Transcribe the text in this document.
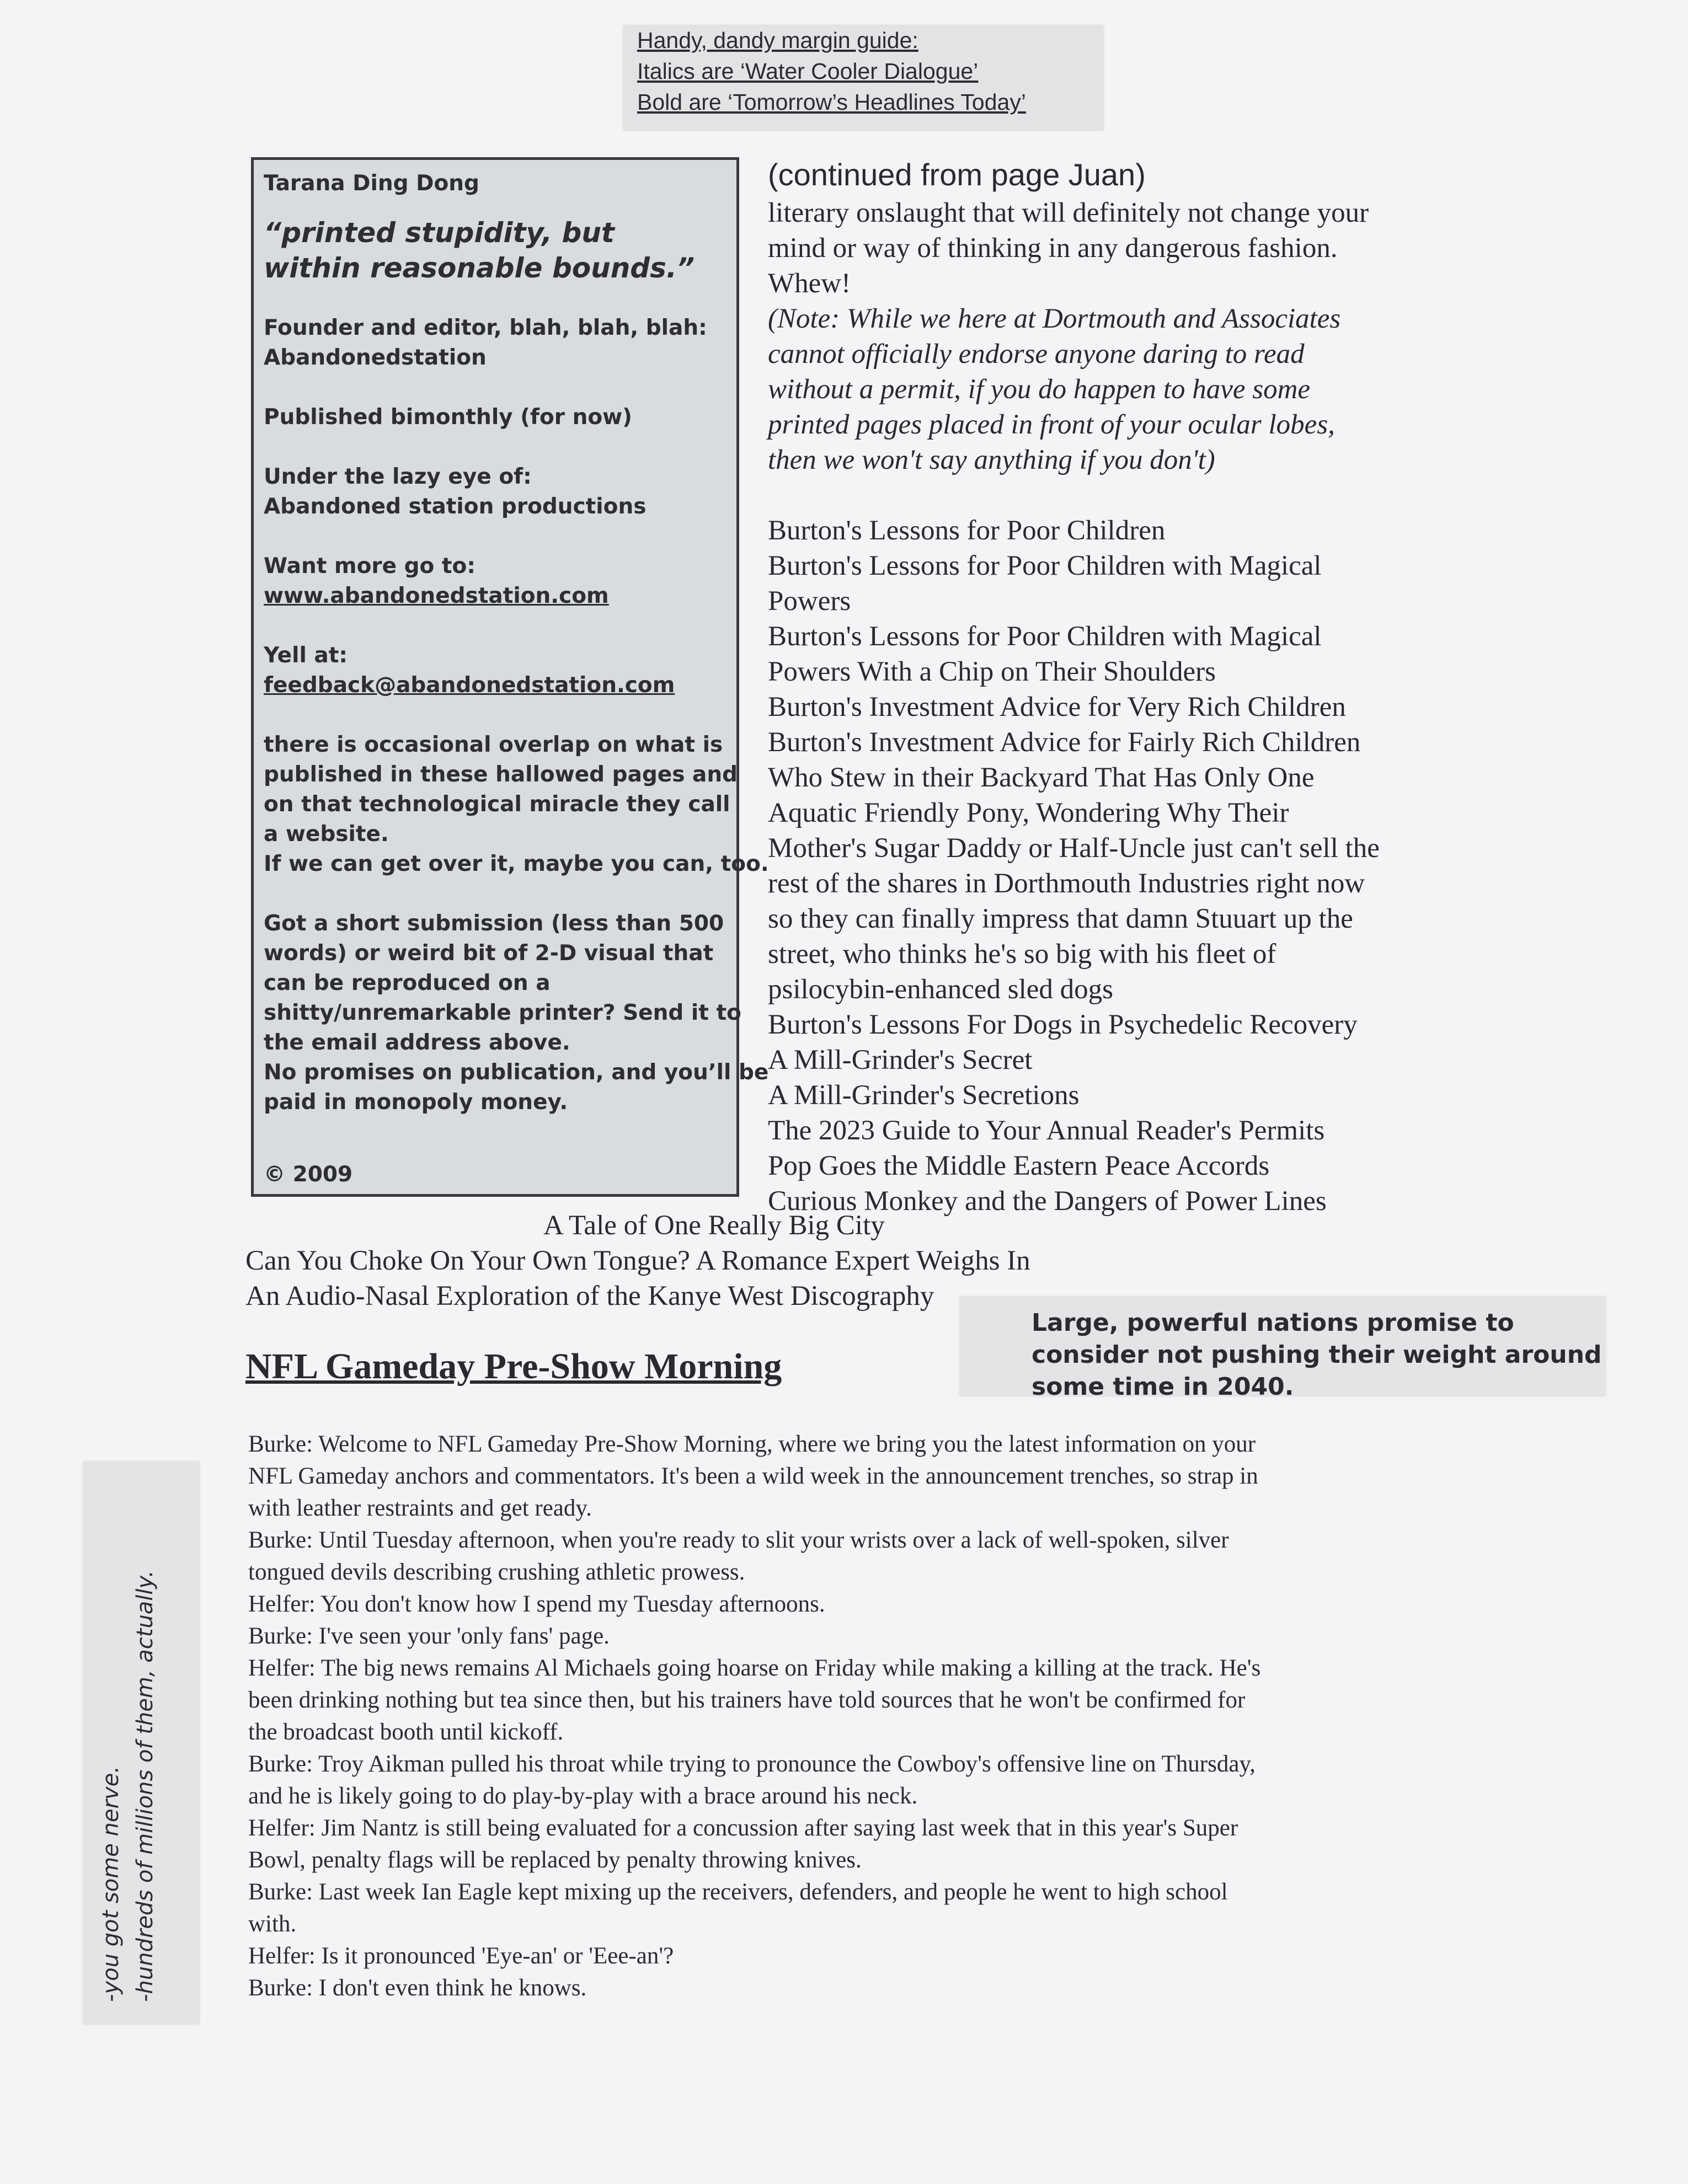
Handy, dandy margin guide:
Italics are ‘Water Cooler Dialogue’
Bold are ‘Tomorrow’s Headlines Today’
Tarana Ding Dong
“printed stupidity, but
within reasonable bounds.”
Founder and editor, blah, blah, blah:
Abandonedstation
Published bimonthly (for now)
Under the lazy eye of:
Abandoned station productions
Want more go to:
www.abandonedstation.com
Yell at:
feedback@abandonedstation.com
there is occasional overlap on what is
published in these hallowed pages and
on that technological miracle they call
a website.
If we can get over it, maybe you can, too.
Got a short submission (less than 500
words) or weird bit of 2-D visual that
can be reproduced on a
shitty/unremarkable printer? Send it to
the email address above.
No promises on publication, and you’ll be
paid in monopoly money.
© 2009
(continued from page Juan)

literary onslaught that will definitely not change your

mind or way of thinking in any dangerous fashion.

Whew!

(Note: While we here at Dortmouth and Associates

cannot officially endorse anyone daring to read

without a permit, if you do happen to have some

printed pages placed in front of your ocular lobes,

then we won't say anything if you don't)

Burton's Lessons for Poor Children

Burton's Lessons for Poor Children with Magical

Powers

Burton's Lessons for Poor Children with Magical

Powers With a Chip on Their Shoulders

Burton's Investment Advice for Very Rich Children

Burton's Investment Advice for Fairly Rich Children

Who Stew in their Backyard That Has Only One

Aquatic Friendly Pony, Wondering Why Their

Mother's Sugar Daddy or Half-Uncle just can't sell the

rest of the shares in Dorthmouth Industries right now

so they can finally impress that damn Stuuart up the

street, who thinks he's so big with his fleet of

psilocybin-enhanced sled dogs

Burton's Lessons For Dogs in Psychedelic Recovery

A Mill-Grinder's Secret

A Mill-Grinder's Secretions

The 2023 Guide to Your Annual Reader's Permits

Pop Goes the Middle Eastern Peace Accords

Curious Monkey and the Dangers of Power Lines

A Tale of One Really Big City
Can You Choke On Your Own Tongue? A Romance Expert Weighs In
An Audio-Nasal Exploration of the Kanye West Discography
Large, powerful nations promise to
consider not pushing their weight around
some time in 2040.
NFL Gameday Pre-Show Morning

Burke: Welcome to NFL Gameday Pre-Show Morning, where we bring you the latest information on your

NFL Gameday anchors and commentators. It's been a wild week in the announcement trenches, so strap in

with leather restraints and get ready.

Burke: Until Tuesday afternoon, when you're ready to slit your wrists over a lack of well-spoken, silver

tongued devils describing crushing athletic prowess.

Helfer: You don't know how I spend my Tuesday afternoons.

Burke: I've seen your 'only fans' page.

Helfer: The big news remains Al Michaels going hoarse on Friday while making a killing at the track. He's

been drinking nothing but tea since then, but his trainers have told sources that he won't be confirmed for

the broadcast booth until kickoff.

Burke: Troy Aikman pulled his throat while trying to pronounce the Cowboy's offensive line on Thursday,

and he is likely going to do play-by-play with a brace around his neck.

Helfer: Jim Nantz is still being evaluated for a concussion after saying last week that in this year's Super

Bowl, penalty flags will be replaced by penalty throwing knives.

Burke: Last week Ian Eagle kept mixing up the receivers, defenders, and people he went to high school

with.

Helfer: Is it pronounced 'Eye-an' or 'Eee-an'?

Burke: I don't even think he knows.

-you got some nerve. -hundreds of millions of them, actually.
